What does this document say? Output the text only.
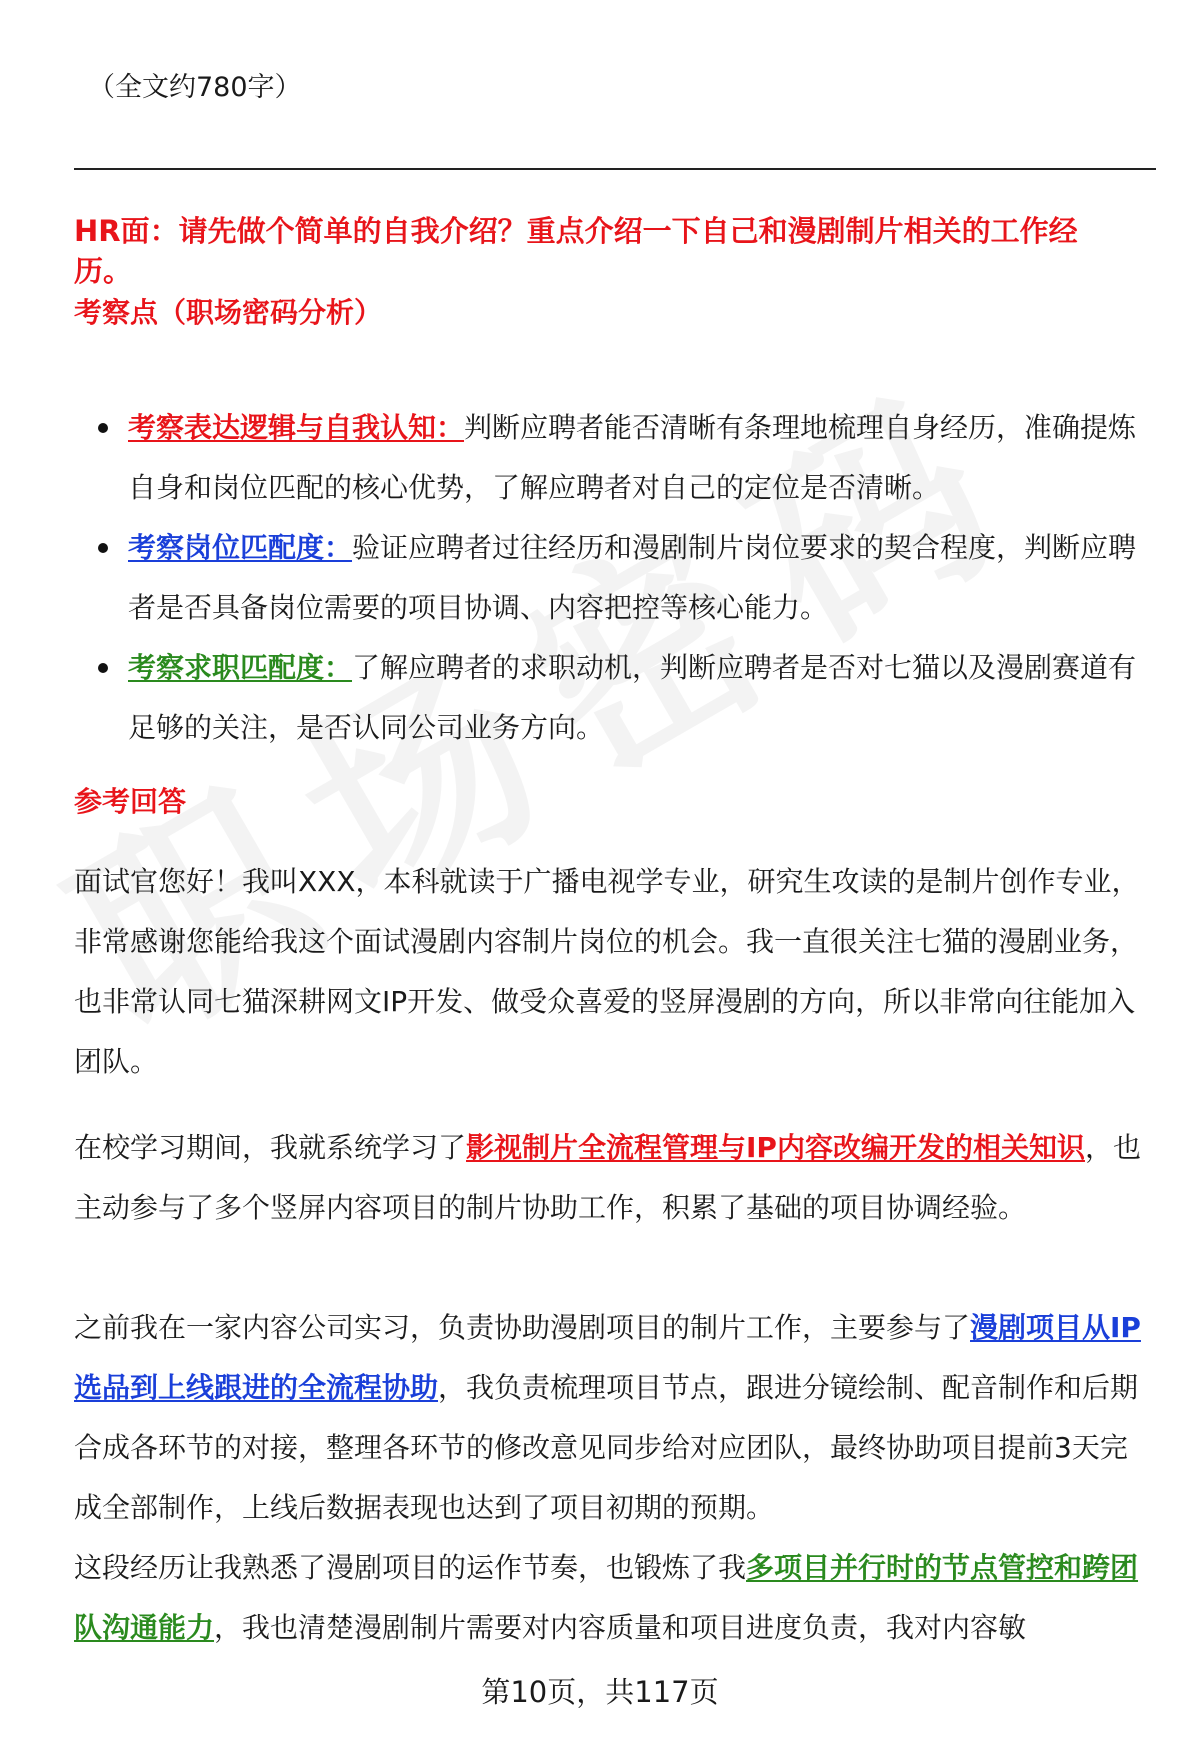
（全文约780字）
HR面：请先做个简单的自我介绍？重点介绍一下自己和漫剧制片相关的工作经历。
考察点（职场密码分析）
考察表达逻辑与自我认知：判断应聘者能否清晰有条理地梳理自身经历，准确提炼自身和岗位匹配的核心优势，了解应聘者对自己的定位是否清晰。
考察岗位匹配度：验证应聘者过往经历和漫剧制片岗位要求的契合程度，判断应聘者是否具备岗位需要的项目协调、内容把控等核心能力。
考察求职匹配度：了解应聘者的求职动机，判断应聘者是否对七猫以及漫剧赛道有足够的关注，是否认同公司业务方向。
参考回答

面试官您好！我叫XXX，本科就读于广播电视学专业，研究生攻读的是制片创作专业，非常感谢您能给我这个面试漫剧内容制片岗位的机会。我一直很关注七猫的漫剧业务，也非常认同七猫深耕网文IP开发、做受众喜爱的竖屏漫剧的方向，所以非常向往能加入团队。

在校学习期间，我就系统学习了影视制片全流程管理与IP内容改编开发的相关知识，也主动参与了多个竖屏内容项目的制片协助工作，积累了基础的项目协调经验。

之前我在一家内容公司实习，负责协助漫剧项目的制片工作，主要参与了漫剧项目从IP选品到上线跟进的全流程协助，我负责梳理项目节点，跟进分镜绘制、配音制作和后期合成各环节的对接，整理各环节的修改意见同步给对应团队，最终协助项目提前3天完成全部制作，上线后数据表现也达到了项目初期的预期。

这段经历让我熟悉了漫剧项目的运作节奏，也锻炼了我多项目并行时的节点管控和跨团队沟通能力，我也清楚漫剧制片需要对内容质量和项目进度负责，我对内容敏

第10页，共117页
